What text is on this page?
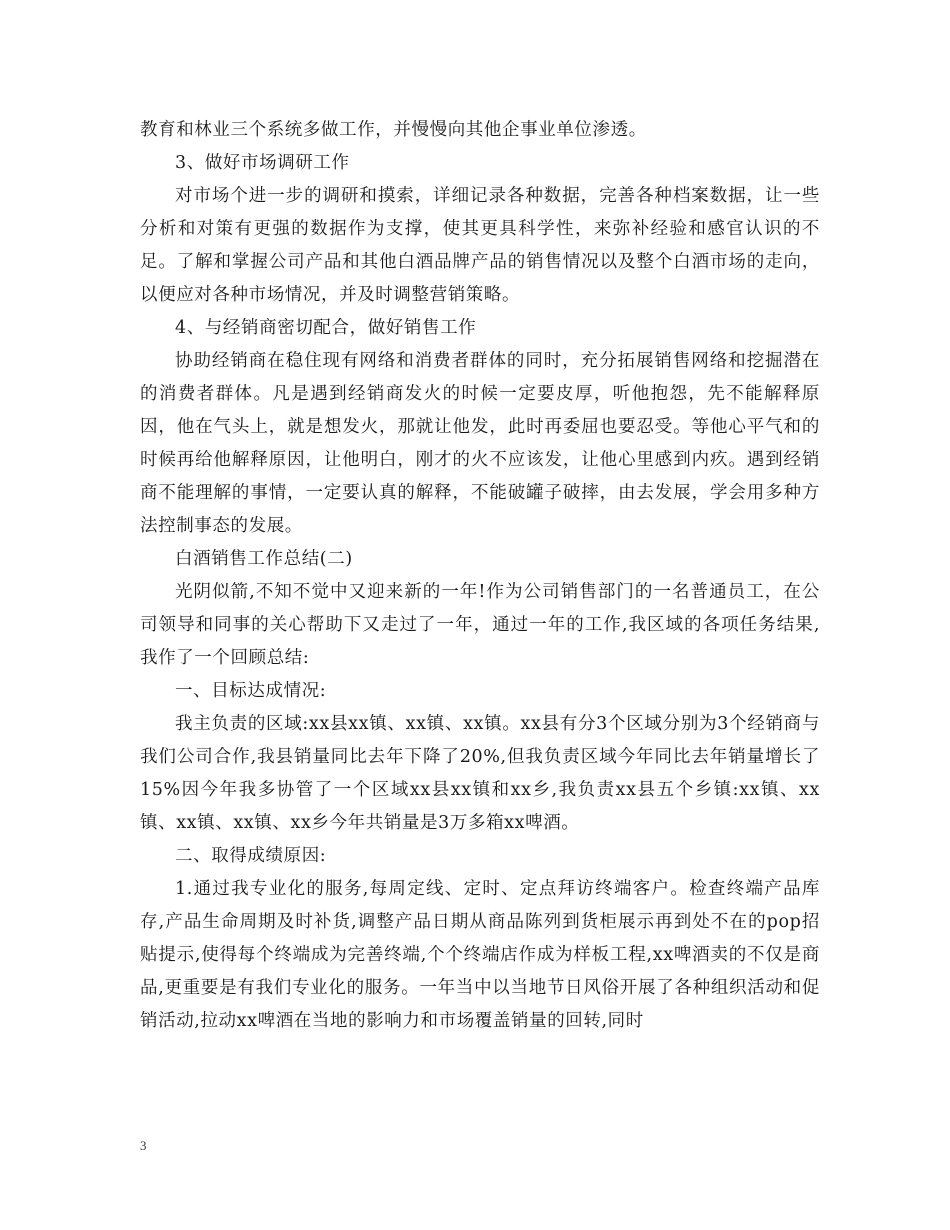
教育和林业三个系统多做工作，并慢慢向其他企事业单位渗透。

3、做好市场调研工作

对市场个进一步的调研和摸索，详细记录各种数据，完善各种档案数据，让一些分析和对策有更强的数据作为支撑，使其更具科学性，来弥补经验和感官认识的不足。了解和掌握公司产品和其他白酒品牌产品的销售情况以及整个白酒市场的走向，以便应对各种市场情况，并及时调整营销策略。

4、与经销商密切配合，做好销售工作

协助经销商在稳住现有网络和消费者群体的同时，充分拓展销售网络和挖掘潜在的消费者群体。凡是遇到经销商发火的时候一定要皮厚，听他抱怨，先不能解释原因，他在气头上，就是想发火，那就让他发，此时再委屈也要忍受。等他心平气和的时候再给他解释原因，让他明白，刚才的火不应该发，让他心里感到内疚。遇到经销商不能理解的事情，一定要认真的解释，不能破罐子破摔，由去发展，学会用多种方法控制事态的发展。

白酒销售工作总结(二)

光阴似箭,不知不觉中又迎来新的一年!作为公司销售部门的一名普通员工，在公司领导和同事的关心帮助下又走过了一年，通过一年的工作,我区域的各项任务结果,我作了一个回顾总结:

一、目标达成情况:

我主负责的区域:xx县xx镇、xx镇、xx镇。xx县有分3个区域分别为3个经销商与我们公司合作,我县销量同比去年下降了20%,但我负责区域今年同比去年销量增长了15%因今年我多协管了一个区域xx县xx镇和xx乡,我负责xx县五个乡镇:xx镇、xx镇、xx镇、xx镇、xx乡今年共销量是3万多箱xx啤酒。

二、取得成绩原因:

1.通过我专业化的服务,每周定线、定时、定点拜访终端客户。检查终端产品库存,产品生命周期及时补货,调整产品日期从商品陈列到货柜展示再到处不在的pop招贴提示,使得每个终端成为完善终端,个个终端店作成为样板工程,xx啤酒卖的不仅是商品,更重要是有我们专业化的服务。一年当中以当地节日风俗开展了各种组织活动和促销活动,拉动xx啤酒在当地的影响力和市场覆盖销量的回转,同时

3
